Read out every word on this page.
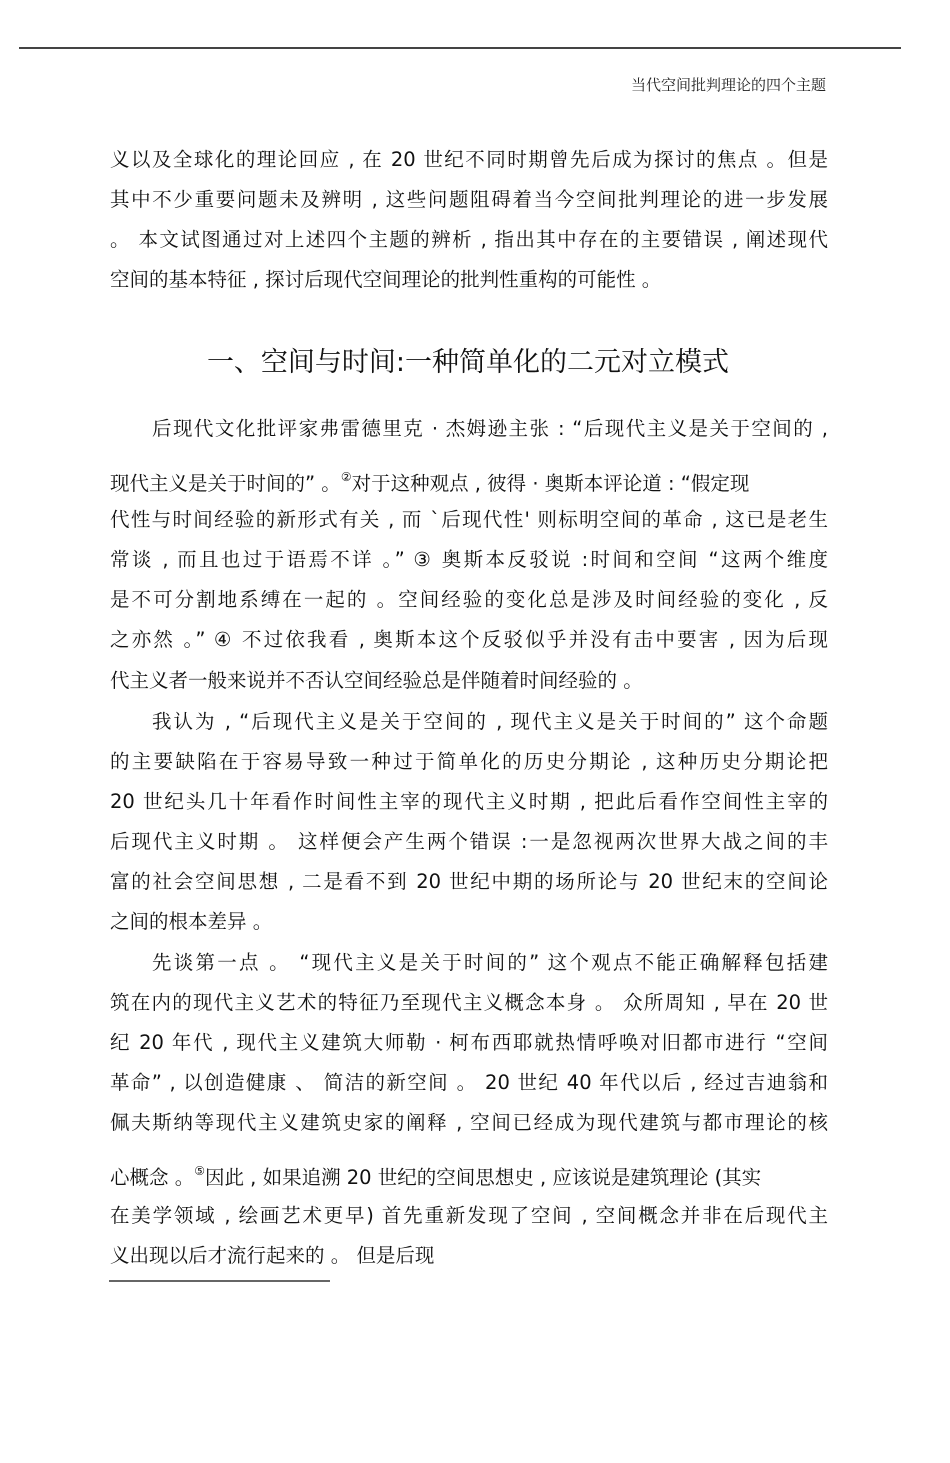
当代空间批判理论的四个主题
义以及全球化的理论回应 , 在 20 世纪不同时期曾先后成为探讨的焦点 。但是
其中不少重要问题未及辨明 , 这些问题阻碍着当今空间批判理论的进一步发展
。 本文试图通过对上述四个主题的辨析 , 指出其中存在的主要错误 , 阐述现代
空间的基本特征 , 探讨后现代空间理论的批判性重构的可能性 。
一、空间与时间:一种简单化的二元对立模式
后现代文化批评家弗雷德里克 · 杰姆逊主张 : “后现代主义是关于空间的 ,
现代主义是关于时间的” 。②对于这种观点 , 彼得 · 奥斯本评论道 : “假定现
代性与时间经验的新形式有关 , 而 `后现代性' 则标明空间的革命 , 这已是老生
常谈 , 而且也过于语焉不详 。” ③ 奥斯本反驳说 :时间和空间 “这两个维度
是不可分割地系缚在一起的 。空间经验的变化总是涉及时间经验的变化 , 反
之亦然 。” ④ 不过依我看 , 奥斯本这个反驳似乎并没有击中要害 , 因为后现
代主义者一般来说并不否认空间经验总是伴随着时间经验的 。
我认为 , “后现代主义是关于空间的 , 现代主义是关于时间的” 这个命题
的主要缺陷在于容易导致一种过于简单化的历史分期论 , 这种历史分期论把
20 世纪头几十年看作时间性主宰的现代主义时期 , 把此后看作空间性主宰的
后现代主义时期 。 这样便会产生两个错误 :一是忽视两次世界大战之间的丰
富的社会空间思想 , 二是看不到 20 世纪中期的场所论与 20 世纪末的空间论
之间的根本差异 。
先谈第一点 。 “现代主义是关于时间的” 这个观点不能正确解释包括建
筑在内的现代主义艺术的特征乃至现代主义概念本身 。 众所周知 , 早在 20 世
纪 20 年代 , 现代主义建筑大师勒 · 柯布西耶就热情呼唤对旧都市进行 “空间
革命” , 以创造健康 、 简洁的新空间 。 20 世纪 40 年代以后 , 经过吉迪翁和
佩夫斯纳等现代主义建筑史家的阐释 , 空间已经成为现代建筑与都市理论的核
心概念 。⑤因此 , 如果追溯 20 世纪的空间思想史 , 应该说是建筑理论 (其实
在美学领域 , 绘画艺术更早) 首先重新发现了空间 , 空间概念并非在后现代主
义出现以后才流行起来的 。 但是后现
